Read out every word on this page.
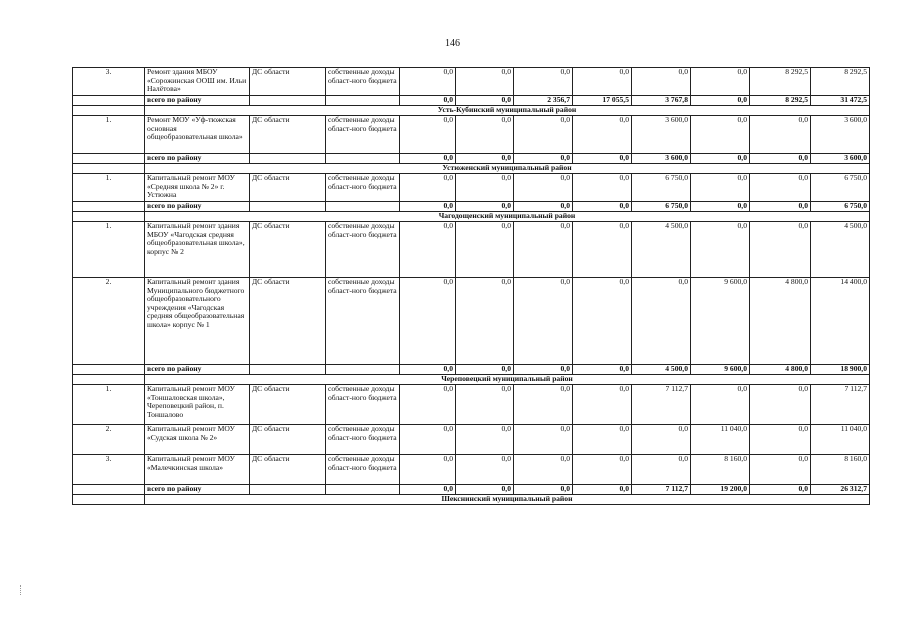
146
3.	Ремонт здания МБОУ «Сорожинская ООШ им. Ильи Налётова»	ДС области	собственные доходы област-ного бюджета	0,0	0,0	0,0	0,0	0,0	0,0	8 292,5	8 292,5
	всего по району			0,0	0,0	2 356,7	17 055,5	3 767,8	0,0	8 292,5	31 472,5
	Усть-Кубинский муниципальный район										
1.	Ремонт МОУ «Уф-тюжская основная общеобразовательная школа»	ДС области	собственные доходы област-ного бюджета	0,0	0,0	0,0	0,0	3 600,0	0,0	0,0	3 600,0
	всего по району			0,0	0,0	0,0	0,0	3 600,0	0,0	0,0	3 600,0
	Устюженский муниципальный район										
1.	Капитальный ремонт МОУ «Средняя школа № 2» г. Устюжна	ДС области	собственные доходы област-ного бюджета	0,0	0,0	0,0	0,0	6 750,0	0,0	0,0	6 750,0
	всего по району			0,0	0,0	0,0	0,0	6 750,0	0,0	0,0	6 750,0
	Чагодощенский муниципальный район										
1.	Капитальный ремонт здания МБОУ «Чагодская средняя общеобразовательная школа», корпус № 2	ДС области	собственные доходы област-ного бюджета	0,0	0,0	0,0	0,0	4 500,0	0,0	0,0	4 500,0
2.	Капитальный ремонт здания Муниципального бюджетного общеобразовательного учреждения «Чагодская средняя общеобразовательная школа» корпус № 1	ДС области	собственные доходы област-ного бюджета	0,0	0,0	0,0	0,0	0,0	9 600,0	4 800,0	14 400,0
	всего по району			0,0	0,0	0,0	0,0	4 500,0	9 600,0	4 800,0	18 900,0
	Череповецкий муниципальный район										
1.	Капитальный ремонт МОУ «Тоншаловская школа», Череповецкий район, п. Тоншалово	ДС области	собственные доходы област-ного бюджета	0,0	0,0	0,0	0,0	7 112,7	0,0	0,0	7 112,7
2.	Капитальный ремонт МОУ «Судская школа № 2»	ДС области	собственные доходы област-ного бюджета	0,0	0,0	0,0	0,0	0,0	11 040,0	0,0	11 040,0
3.	Капитальный ремонт МОУ «Малечкинская школа»	ДС области	собственные доходы област-ного бюджета	0,0	0,0	0,0	0,0	0,0	8 160,0	0,0	8 160,0
	всего по району			0,0	0,0	0,0	0,0	7 112,7	19 200,0	0,0	26 312,7
	Шекснинский муниципальный район										
